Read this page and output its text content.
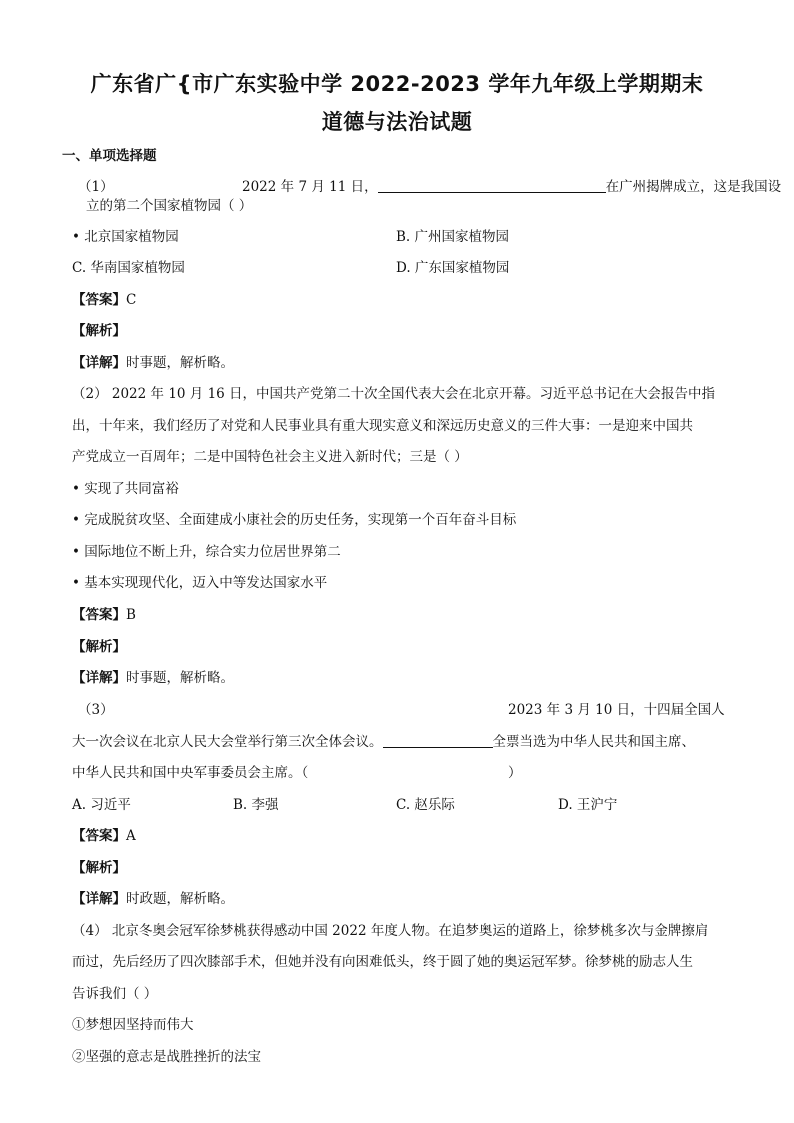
广东省广{市广东实验中学 2022-2023 学年九年级上学期期末
道德与法治试题
一、单项选择题
（1）	2022 年 7 月 11 日，	在广州揭牌成立，这是我国设
立的第二个国家植物园（ ）
• 北京国家植物园	B. 广州国家植物园
C. 华南国家植物园	D. 广东国家植物园
【答案】C
【解析】
【详解】时事题，解析略。
（2） 2022 年 10 月 16 日，中国共产党第二十次全国代表大会在北京开幕。习近平总书记在大会报告中指
出，十年来，我们经历了对党和人民事业具有重大现实意义和深远历史意义的三件大事：一是迎来中国共
产党成立一百周年；二是中国特色社会主义进入新时代；三是（ ）
• 实现了共同富裕
• 完成脱贫攻坚、全面建成小康社会的历史任务，实现第一个百年奋斗目标
• 国际地位不断上升，综合实力位居世界第二
• 基本实现现代化，迈入中等发达国家水平
【答案】B
【解析】
【详解】时事题，解析略。
（3）	2023 年 3 月 10 日，十四届全国人
大一次会议在北京人民大会堂举行第三次全体会议。	全票当选为中华人民共和国主席、
中华人民共和国中央军事委员会主席。（	）
A. 习近平	B. 李强	C. 赵乐际	D. 王沪宁
【答案】A
【解析】
【详解】时政题，解析略。
（4） 北京冬奥会冠军徐梦桃获得感动中国 2022 年度人物。在追梦奥运的道路上，徐梦桃多次与金牌擦肩
而过，先后经历了四次膝部手术，但她并没有向困难低头，终于圆了她的奥运冠军梦。徐梦桃的励志人生
告诉我们（ ）
①梦想因坚持而伟大
②坚强的意志是战胜挫折的法宝
